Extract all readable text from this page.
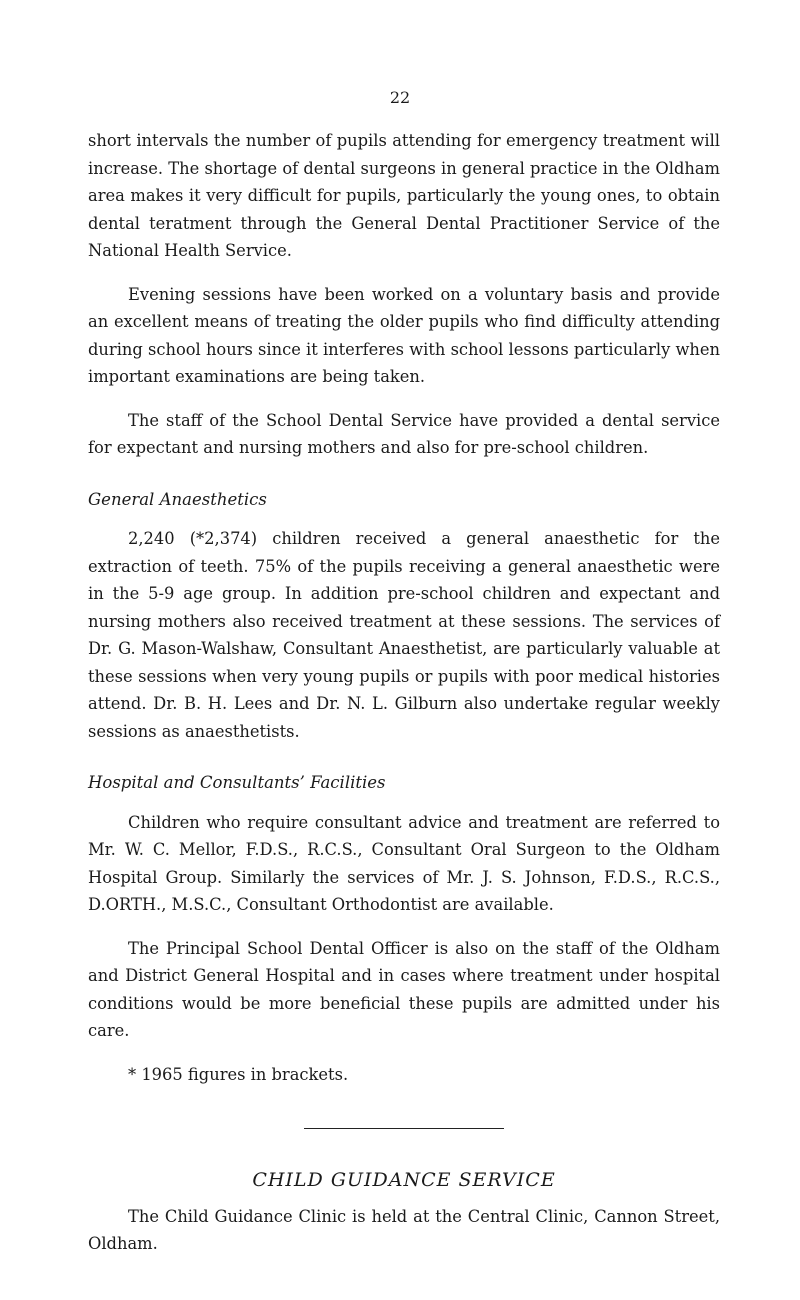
22

short intervals the number of pupils attending for emergency treatment will increase. The shortage of dental surgeons in general practice in the Oldham area makes it very difficult for pupils, particularly the young ones, to obtain dental teratment through the General Dental Practitioner Service of the National Health Service.

Evening sessions have been worked on a voluntary basis and provide an excellent means of treating the older pupils who find difficulty attending during school hours since it interferes with school lessons particularly when important examinations are being taken.

The staff of the School Dental Service have provided a dental service for expectant and nursing mothers and also for pre-school children.

General Anaesthetics

2,240 (*2,374) children received a general anaesthetic for the extraction of teeth. 75% of the pupils receiving a general anaesthetic were in the 5-9 age group. In addition pre-school children and expectant and nursing mothers also received treatment at these sessions. The services of Dr. G. Mason-Walshaw, Consultant Anaesthetist, are particularly valuable at these sessions when very young pupils or pupils with poor medical histories attend. Dr. B. H. Lees and Dr. N. L. Gilburn also undertake regular weekly sessions as anaesthetists.

Hospital and Consultants’ Facilities

Children who require consultant advice and treatment are referred to Mr. W. C. Mellor, F.D.S., R.C.S., Consultant Oral Surgeon to the Oldham Hospital Group. Similarly the services of Mr. J. S. Johnson, F.D.S., R.C.S., D.ORTH., M.S.C., Consultant Orthodontist are available.

The Principal School Dental Officer is also on the staff of the Oldham and District General Hospital and in cases where treatment under hospital conditions would be more beneficial these pupils are admitted under his care.

* 1965 figures in brackets.

CHILD GUIDANCE SERVICE

The Child Guidance Clinic is held at the Central Clinic, Cannon Street, Oldham.
